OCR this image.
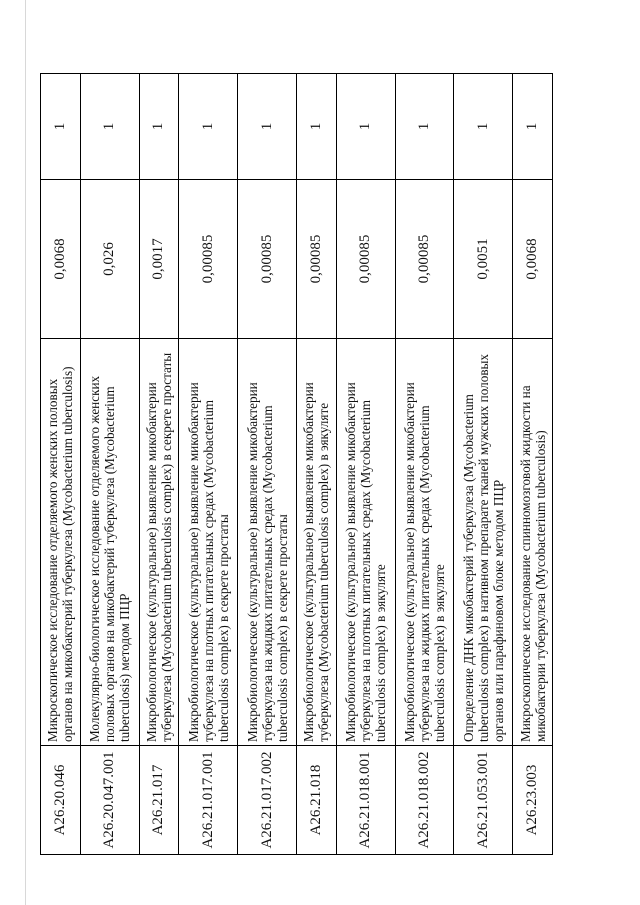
A26.20.046	Микроскопическое исследование отделяемого женских половых органов на микобактерий туберкулеза (Mycobacterium tuberculosis)	0,0068	1
A26.20.047.001	Молекулярно-биологическое исследование отделяемого женских половых органов на микобактерий туберкулеза (Mycobacterium tuberculosis) методом ПЦР	0,026	1
A26.21.017	Микробиологическое (культуральное) выявление микобактерии туберкулеза (Mycobacterium tuberculosis complex) в секрете простаты	0,0017	1
A26.21.017.001	Микробиологическое (культуральное) выявление микобактерии туберкулеза на плотных питательных средах (Mycobacterium tuberculosis complex) в секрете простаты	0,00085	1
A26.21.017.002	Микробиологическое (культуральное) выявление микобактерии туберкулеза на жидких питательных средах (Mycobacterium tuberculosis complex) в секрете простаты	0,00085	1
A26.21.018	Микробиологическое (культуральное) выявление микобактерии туберкулеза (Mycobacterium tuberculosis complex) в эякуляте	0,00085	1
A26.21.018.001	Микробиологическое (культуральное) выявление микобактерии туберкулеза на плотных питательных средах (Mycobacterium tuberculosis complex) в эякуляте	0,00085	1
A26.21.018.002	Микробиологическое (культуральное) выявление микобактерии туберкулеза на жидких питательных средах (Mycobacterium tuberculosis complex) в эякуляте	0,00085	1
A26.21.053.001	Определение ДНК микобактерий туберкулеза (Mycobacterium tuberculosis complex) в нативном препарате тканей мужских половых органов или парафиновом блоке методом ПЦР	0,0051	1
A26.23.003	Микроскопическое исследование спинномозговой жидкости на микобактерии туберкулеза (Mycobacterium tuberculosis)	0,0068	1
